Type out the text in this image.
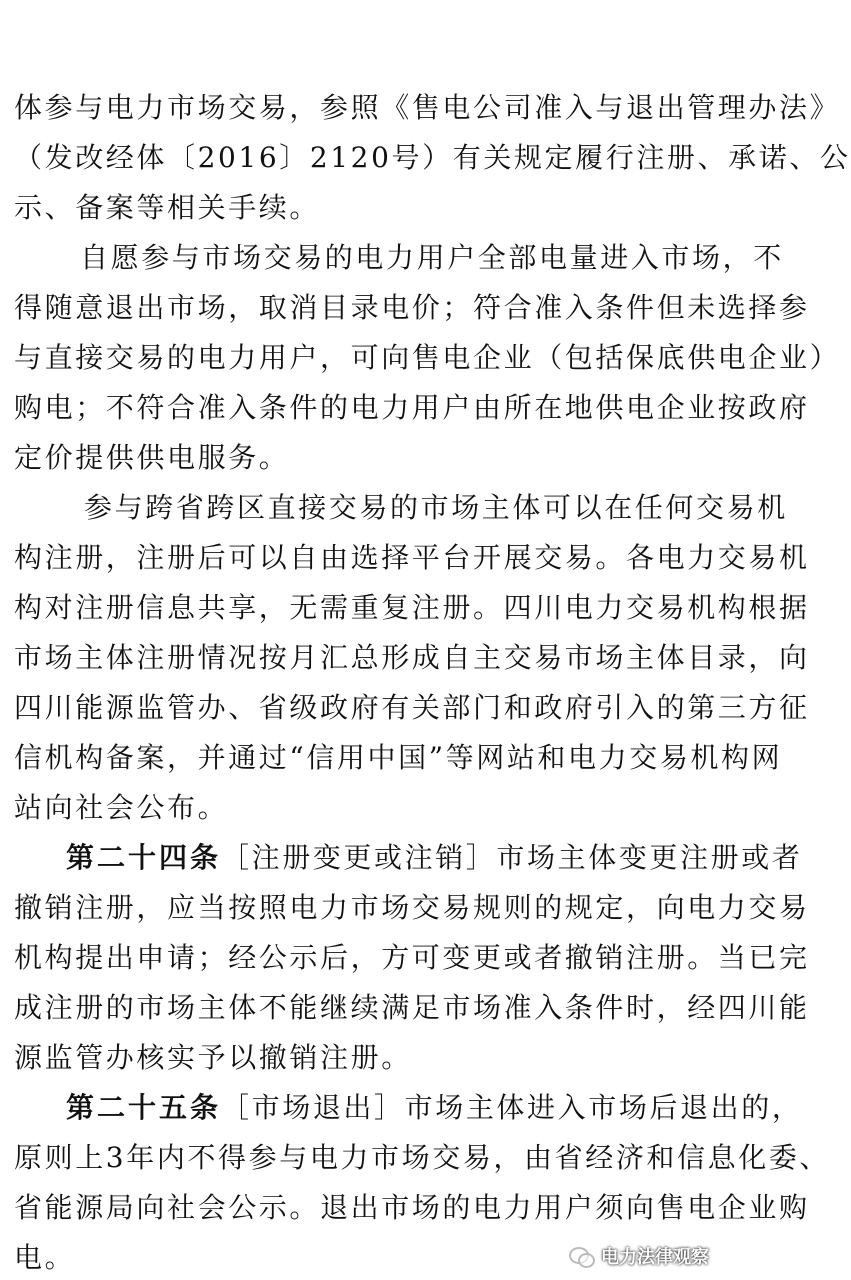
体参与电力市场交易，参照《售电公司准入与退出管理办法》
（发改经体〔2016〕2120号）有关规定履行注册、承诺、公
示、备案等相关手续。
自愿参与市场交易的电力用户全部电量进入市场，不
得随意退出市场，取消目录电价；符合准入条件但未选择参
与直接交易的电力用户，可向售电企业（包括保底供电企业）
购电；不符合准入条件的电力用户由所在地供电企业按政府
定价提供供电服务。
参与跨省跨区直接交易的市场主体可以在任何交易机
构注册，注册后可以自由选择平台开展交易。各电力交易机
构对注册信息共享，无需重复注册。四川电力交易机构根据
市场主体注册情况按月汇总形成自主交易市场主体目录，向
四川能源监管办、省级政府有关部门和政府引入的第三方征
信机构备案，并通过“信用中国”等网站和电力交易机构网
站向社会公布。
第二十四条 ［注册变更或注销］市场主体变更注册或者
撤销注册，应当按照电力市场交易规则的规定，向电力交易
机构提出申请；经公示后，方可变更或者撤销注册。当已完
成注册的市场主体不能继续满足市场准入条件时，经四川能
源监管办核实予以撤销注册。
第二十五条 ［市场退出］市场主体进入市场后退出的，
原则上3年内不得参与电力市场交易，由省经济和信息化委、
省能源局向社会公示。退出市场的电力用户须向售电企业购
电。	电力法律观察
